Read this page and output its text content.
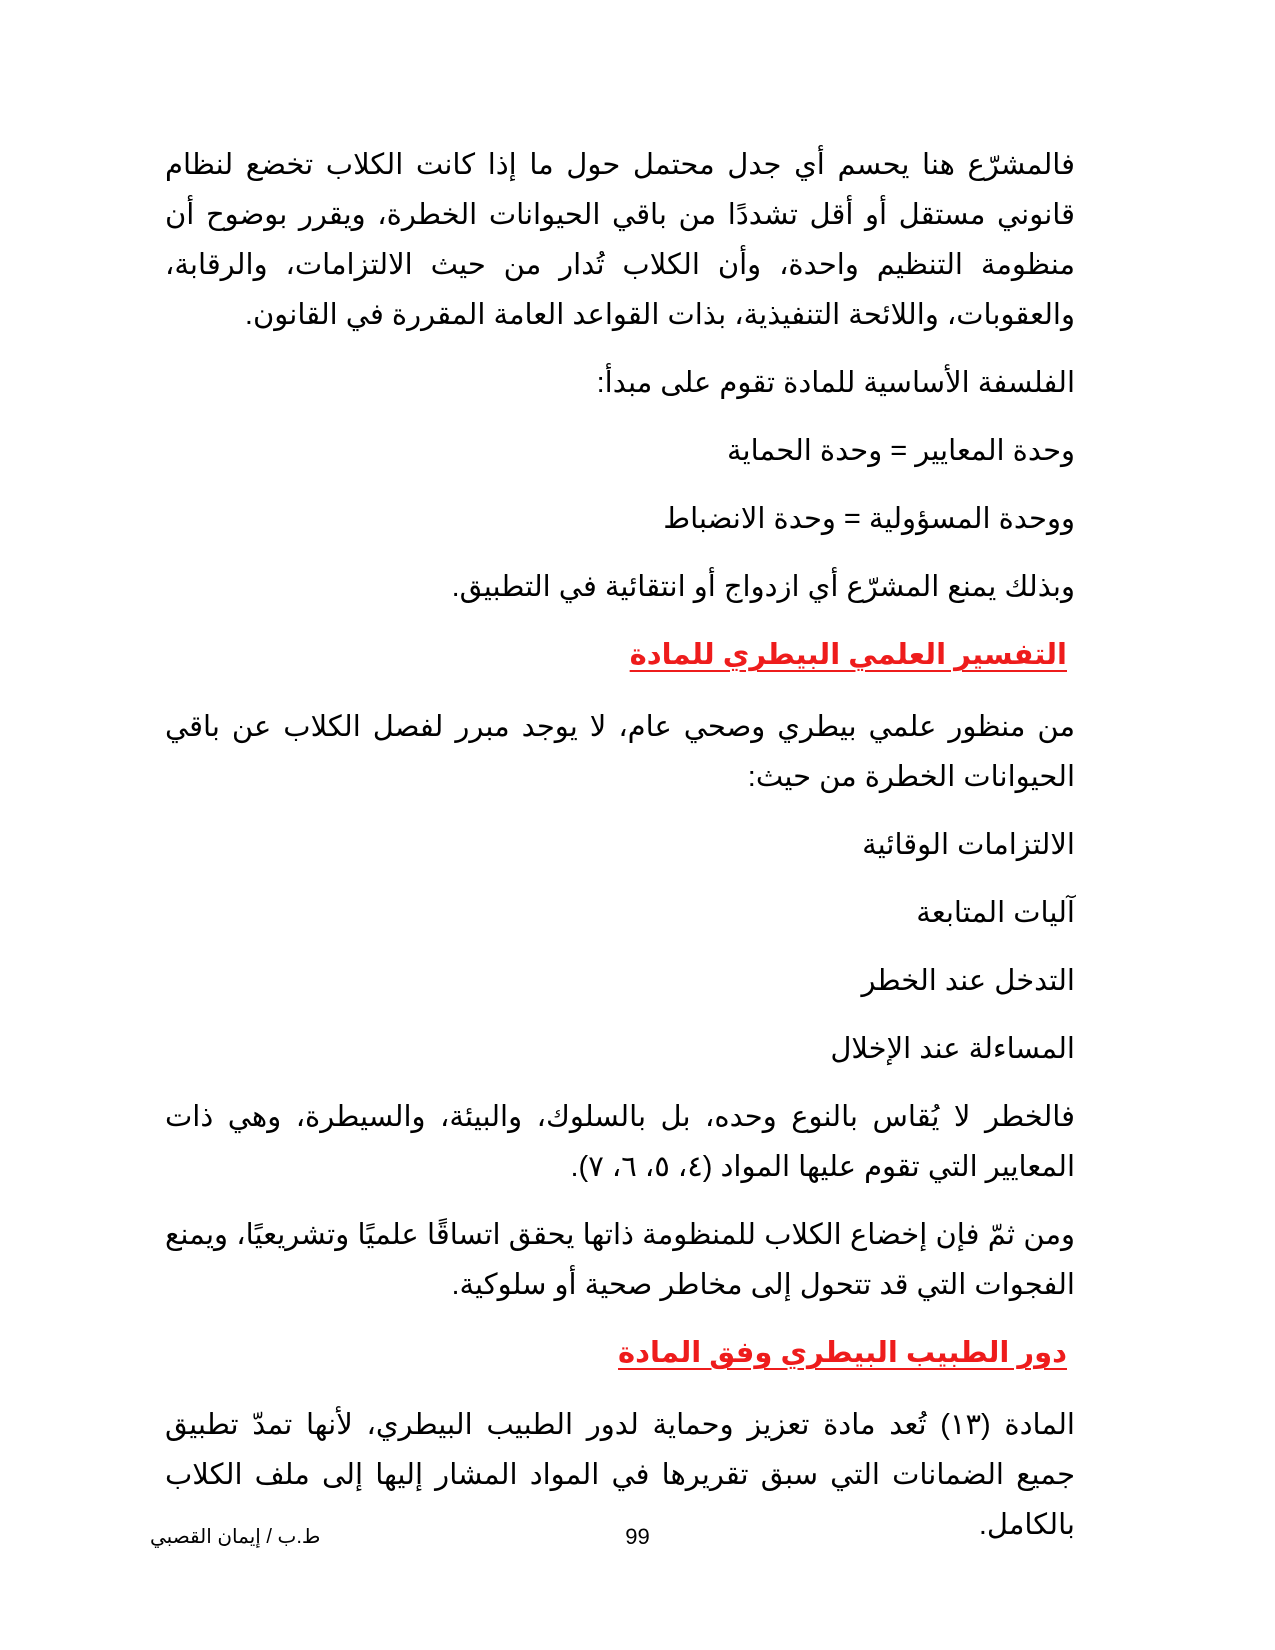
فالمشرّع هنا يحسم أي جدل محتمل حول ما إذا كانت الكلاب تخضع لنظام قانوني مستقل أو أقل تشددًا من باقي الحيوانات الخطرة، ويقرر بوضوح أن منظومة التنظيم واحدة، وأن الكلاب تُدار من حيث الالتزامات، والرقابة، والعقوبات، واللائحة التنفيذية، بذات القواعد العامة المقررة في القانون.

الفلسفة الأساسية للمادة تقوم على مبدأ:

وحدة المعايير = وحدة الحماية

ووحدة المسؤولية = وحدة الانضباط

وبذلك يمنع المشرّع أي ازدواج أو انتقائية في التطبيق.

التفسير العلمي البيطري للمادة

من منظور علمي بيطري وصحي عام، لا يوجد مبرر لفصل الكلاب عن باقي الحيوانات الخطرة من حيث:

الالتزامات الوقائية

آليات المتابعة

التدخل عند الخطر

المساءلة عند الإخلال

فالخطر لا يُقاس بالنوع وحده، بل بالسلوك، والبيئة، والسيطرة، وهي ذات المعايير التي تقوم عليها المواد (٤، ٥، ٦، ٧).

ومن ثمّ فإن إخضاع الكلاب للمنظومة ذاتها يحقق اتساقًا علميًا وتشريعيًا، ويمنع الفجوات التي قد تتحول إلى مخاطر صحية أو سلوكية.

دور الطبيب البيطري وفق المادة

المادة (١٣) تُعد مادة تعزيز وحماية لدور الطبيب البيطري، لأنها تمدّ تطبيق جميع الضمانات التي سبق تقريرها في المواد المشار إليها إلى ملف الكلاب بالكامل.

99
ط.ب / إيمان القصبي
